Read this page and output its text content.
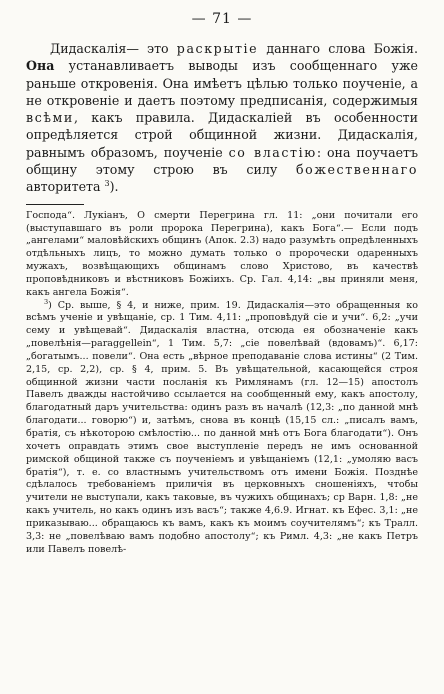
— 71 —

Дидаскалія— это раскрытіе даннаго слова Божія. Она устанавливаетъ выводы изъ сообщеннаго уже раньше откровенія. Она имѣетъ цѣлью только поученіе, а не откровеніе и даетъ поэтому предписанія, содержимыя всѣми, какъ правила. Дидаскаліей въ особенности опредѣляется строй общинной жизни. Дидаскалія, равнымъ образомъ, поученіе со властію: она поучаетъ общину этому строю въ силу божественнаго авторитета $^3$).

Господа“. Лукіанъ, О смерти Перегрина гл. 11: „они почитали его (выступавшаго въ роли пророка Перегрина), какъ Бога“.— Если подъ „ангелами“ маловѣйскихъ общинъ (Апок. 2.3) надо разумѣть опредѣленныхъ отдѣльныхъ лицъ, то можно думать только о пророчески одаренныхъ мужахъ, возвѣщающихъ общинамъ слово Христово, въ качествѣ проповѣдниковъ и вѣстниковъ Божіихъ. Ср. Гал. 4,14: „вы приняли меня, какъ ангела Божія“.

$^3$) Ср. выше, § 4, и ниже, прим. 19. Дидаскалія—это обращенныя ко всѣмъ ученіе и увѣщаніе, ср. 1 Тим. 4,11: „проповѣдуй сіе и учи“. 6,2: „учи сему и увѣщевай“. Дидаскалія властна, отсюда ея обозначеніе какъ „повелѣнія—paraggellein“, 1 Тим. 5,7: „сіе повелѣвай (вдовамъ)“. 6,17: „богатымъ... повели“. Она есть „вѣрное преподаваніе слова истины“ (2 Тим. 2,15, ср. 2,2), ср. § 4, прим. 5. Въ увѣщательной, касающейся строя общинной жизни части посланія къ Римлянамъ (гл. 12—15) апостолъ Павелъ дважды настойчиво ссылается на сообщенный ему, какъ апостолу, благодатный даръ учительства: одинъ разъ въ началѣ (12,3: „по данной мнѣ благодати... говорю“) и, затѣмъ, снова въ концѣ (15,15 сл.: „писалъ вамъ, братія, съ нѣкоторою смѣлостію... по данной мнѣ отъ Бога благодати“). Онъ хочетъ оправдать этимъ свое выступленіе передъ не имъ основанной римской общиной также съ поученіемъ и увѣщаніемъ (12,1: „умоляю васъ братія“), т. е. со властнымъ учительствомъ отъ имени Божія. Позднѣе сдѣлалось требованіемъ приличія въ церковныхъ сношеніяхъ, чтобы учители не выступали, какъ таковые, въ чужихъ общинахъ; ср Варн. 1,8: „не какъ учитель, но какъ одинъ изъ васъ“; также 4,6.9. Игнат. къ Ефес. 3,1: „не приказываю... обращаюсь къ вамъ, какъ къ моимъ соучителямъ“; къ Тралл. 3,3: не „повелѣваю вамъ подобно апостолу“; къ Римл. 4,3: „не какъ Петръ или Павелъ повелѣ-
